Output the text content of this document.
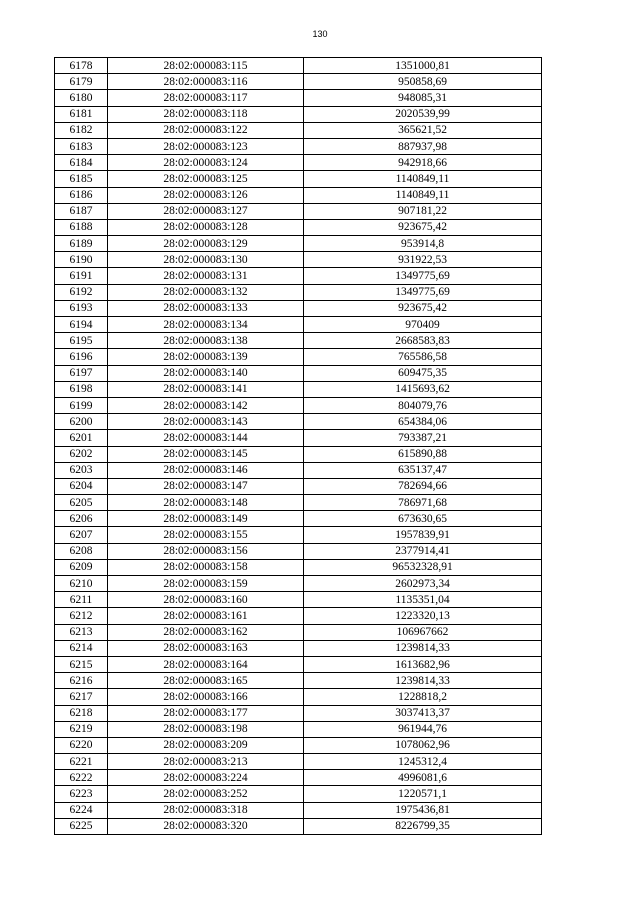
130
6178	28:02:000083:115	1351000,81
6179	28:02:000083:116	950858,69
6180	28:02:000083:117	948085,31
6181	28:02:000083:118	2020539,99
6182	28:02:000083:122	365621,52
6183	28:02:000083:123	887937,98
6184	28:02:000083:124	942918,66
6185	28:02:000083:125	1140849,11
6186	28:02:000083:126	1140849,11
6187	28:02:000083:127	907181,22
6188	28:02:000083:128	923675,42
6189	28:02:000083:129	953914,8
6190	28:02:000083:130	931922,53
6191	28:02:000083:131	1349775,69
6192	28:02:000083:132	1349775,69
6193	28:02:000083:133	923675,42
6194	28:02:000083:134	970409
6195	28:02:000083:138	2668583,83
6196	28:02:000083:139	765586,58
6197	28:02:000083:140	609475,35
6198	28:02:000083:141	1415693,62
6199	28:02:000083:142	804079,76
6200	28:02:000083:143	654384,06
6201	28:02:000083:144	793387,21
6202	28:02:000083:145	615890,88
6203	28:02:000083:146	635137,47
6204	28:02:000083:147	782694,66
6205	28:02:000083:148	786971,68
6206	28:02:000083:149	673630,65
6207	28:02:000083:155	1957839,91
6208	28:02:000083:156	2377914,41
6209	28:02:000083:158	96532328,91
6210	28:02:000083:159	2602973,34
6211	28:02:000083:160	1135351,04
6212	28:02:000083:161	1223320,13
6213	28:02:000083:162	106967662
6214	28:02:000083:163	1239814,33
6215	28:02:000083:164	1613682,96
6216	28:02:000083:165	1239814,33
6217	28:02:000083:166	1228818,2
6218	28:02:000083:177	3037413,37
6219	28:02:000083:198	961944,76
6220	28:02:000083:209	1078062,96
6221	28:02:000083:213	1245312,4
6222	28:02:000083:224	4996081,6
6223	28:02:000083:252	1220571,1
6224	28:02:000083:318	1975436,81
6225	28:02:000083:320	8226799,35
